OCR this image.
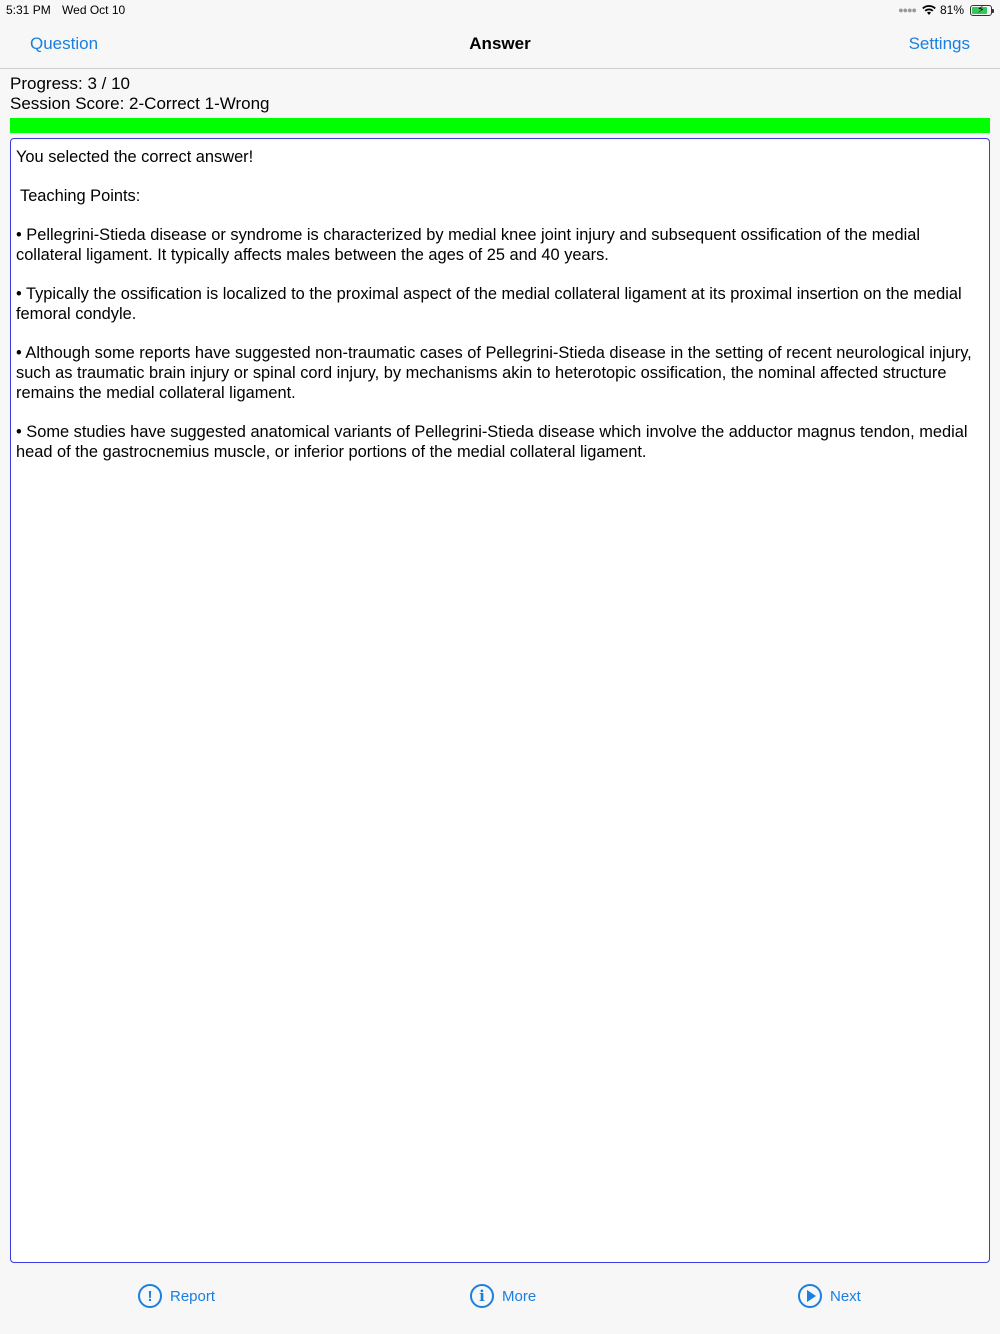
5:31 PM Wed Oct 10	●●●● 81% ⚡
Question	Answer	Settings
Progress: 3 / 10
Session Score: 2-Correct 1-Wrong

You selected the correct answer!

Teaching Points:

• Pellegrini-Stieda disease or syndrome is characterized by medial knee joint injury and subsequent ossification of the medial collateral ligament. It typically affects males between the ages of 25 and 40 years.

• Typically the ossification is localized to the proximal aspect of the medial collateral ligament at its proximal insertion on the medial femoral condyle.

• Although some reports have suggested non-traumatic cases of Pellegrini-Stieda disease in the setting of recent neurological injury, such as traumatic brain injury or spinal cord injury, by mechanisms akin to heterotopic ossification, the nominal affected structure remains the medial collateral ligament.

• Some studies have suggested anatomical variants of Pellegrini-Stieda disease which involve the adductor magnus tendon, medial head of the gastrocnemius muscle, or inferior portions of the medial collateral ligament.

!	Report	i	More	Next
